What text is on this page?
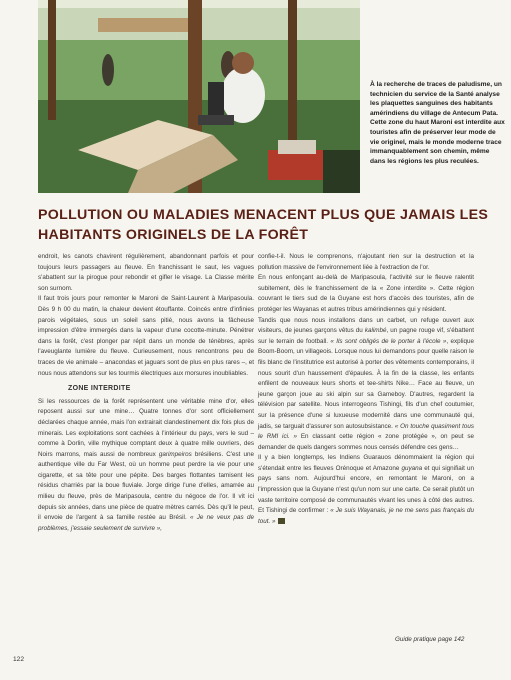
À la recherche de traces de paludisme, un technicien du service de la Santé analyse les plaquettes sanguines des habitants amérindiens du village de Antecum Pata. Cette zone du haut Maroni est interdite aux touristes afin de préserver leur mode de vie originel, mais le monde moderne trace immanquablement son chemin, même dans les régions les plus reculées.

POLLUTION OU MALADIES MENACENT PLUS QUE JAMAIS LES HABITANTS ORIGINELS DE LA FORÊT

endroit, les canots chavirent régulièrement, abandonnant parfois et pour toujours leurs passagers au fleuve. En franchissant le saut, les vagues s'abattent sur la pirogue pour rebondir et gifler le visage. La Classe mérite son surnom.

Il faut trois jours pour remonter le Maroni de Saint-Laurent à Maripasoula. Dès 9 h 00 du matin, la chaleur devient étouffante. Coincés entre d'infinies parois végétales, sous un soleil sans pitié, nous avons la fâcheuse impression d'être immergés dans la vapeur d'une cocotte-minute. Pénétrer dans la forêt, c'est plonger par répit dans un monde de ténèbres, après l'aveuglante lumière du fleuve. Curieusement, nous rencontrons peu de traces de vie animale – anacondas et jaguars sont de plus en plus rares –, et nous nous attendons sur les tourmis électriques aux morsures inoubliables.

ZONE INTERDITE

Si les ressources de la forêt représentent une véritable mine d'or, elles reposent aussi sur une mine… Quatre tonnes d'or sont officiellement déclarées chaque année, mais l'on extrairait clandestinement dix fois plus de minerais. Les exploitations sont cachées à l'intérieur du pays, vers le sud – comme à Dorlin, ville mythique comptant deux à quatre mille ouvriers, des Noirs marrons, mais aussi de nombreux garimpeiros brésiliens. C'est une authentique ville du Far West, où un homme peut perdre la vie pour une cigarette, et sa tête pour une pépite. Des barges flottantes tamisent les résidus charriés par la boue fluviale. Jorge dirige l'une d'elles, amarrée au milieu du fleuve, près de Maripasoula, centre du négoce de l'or. Il vit ici depuis six années, dans une pièce de quatre mètres carrés. Dès qu'il le peut, il envoie de l'argent à sa famille restée au Brésil. « Je ne veux pas de problèmes, j'essaie seulement de survivre »,

confie-t-il. Nous le comprenons, n'ajoutant rien sur la destruction et la pollution massive de l'environnement liée à l'extraction de l'or.

En nous enfonçant au-delà de Maripasoula, l'activité sur le fleuve ralentit subitement, dès le franchissement de la « Zone interdite ». Cette région couvrant le tiers sud de la Guyane est hors d'accès des touristes, afin de protéger les Wayanas et autres tribus amérindiennes qui y résident.

Tandis que nous nous installons dans un carbet, un refuge ouvert aux visiteurs, de jeunes garçons vêtus du kalimbé, un pagne rouge vif, s'ébattent sur le terrain de football. « Ils sont obligés de le porter à l'école », explique Boom-Boom, un villageois. Lorsque nous lui demandons pour quelle raison le fils blanc de l'institutrice est autorisé à porter des vêtements contemporains, il nous sourit d'un haussement d'épaules. À la fin de la classe, les enfants enfilent de nouveaux leurs shorts et tee-shirts Nike… Face au fleuve, un jeune garçon joue au ski alpin sur sa Gameboy. D'autres, regardent la télévision par satellite. Nous interrogeons Tishingi, fils d'un chef coutumier, sur la présence d'une si luxueuse modernité dans une communauté qui, jadis, se targuait d'assurer son autosubsistance. « On touche quasiment tous le RMI ici. » En classant cette région « zone protégée », on peut se demander de quels dangers sommes nous censés défendre ces gens…

Il y a bien longtemps, les Indiens Guarauos dénommaient la région qui s'étendait entre les fleuves Orénoque et Amazone guyana et qui signifiait un pays sans nom. Aujourd'hui encore, en remontant le Maroni, on a l'impression que la Guyane n'est qu'un nom sur une carte. Ce serait plutôt un vaste territoire composé de communautés vivant les unes à côté des autres. Et Tishingi de confirmer : « Je suis Wayanais, je ne me sens pas français du tout. »

Guide pratique page 142
122
